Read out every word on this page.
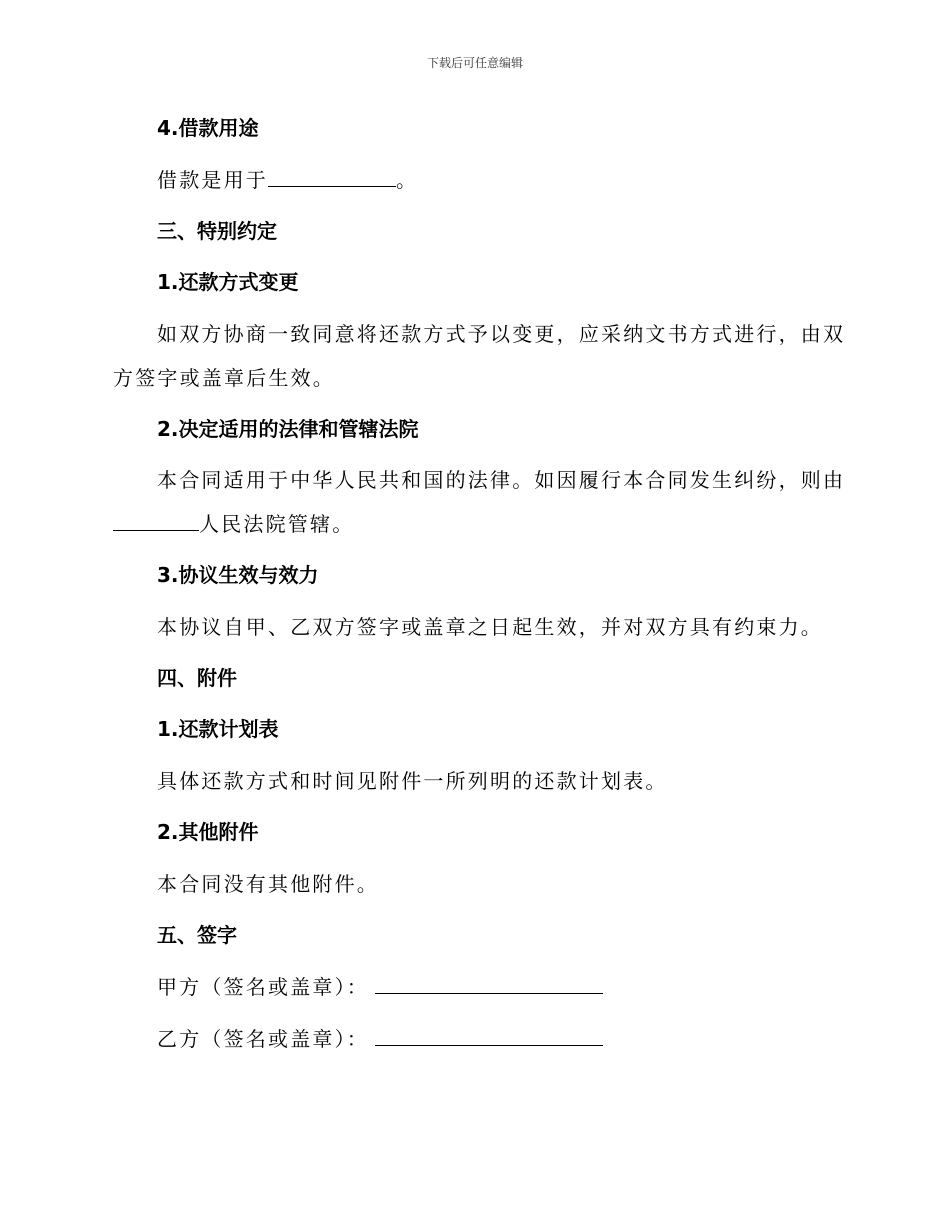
下载后可任意编辑
4.借款用途
借款是用于	。
三、特别约定
1.还款方式变更
如双方协商一致同意将还款方式予以变更，应采纳文书方式进行，由双
方签字或盖章后生效。
2.决定适用的法律和管辖法院
本合同适用于中华人民共和国的法律。如因履行本合同发生纠纷，则由
人民法院管辖。
3.协议生效与效力
本协议自甲、乙双方签字或盖章之日起生效，并对双方具有约束力。
四、附件
1.还款计划表
具体还款方式和时间见附件一所列明的还款计划表。
2.其他附件
本合同没有其他附件。
五、签字
甲方（签名或盖章）：
乙方（签名或盖章）：
